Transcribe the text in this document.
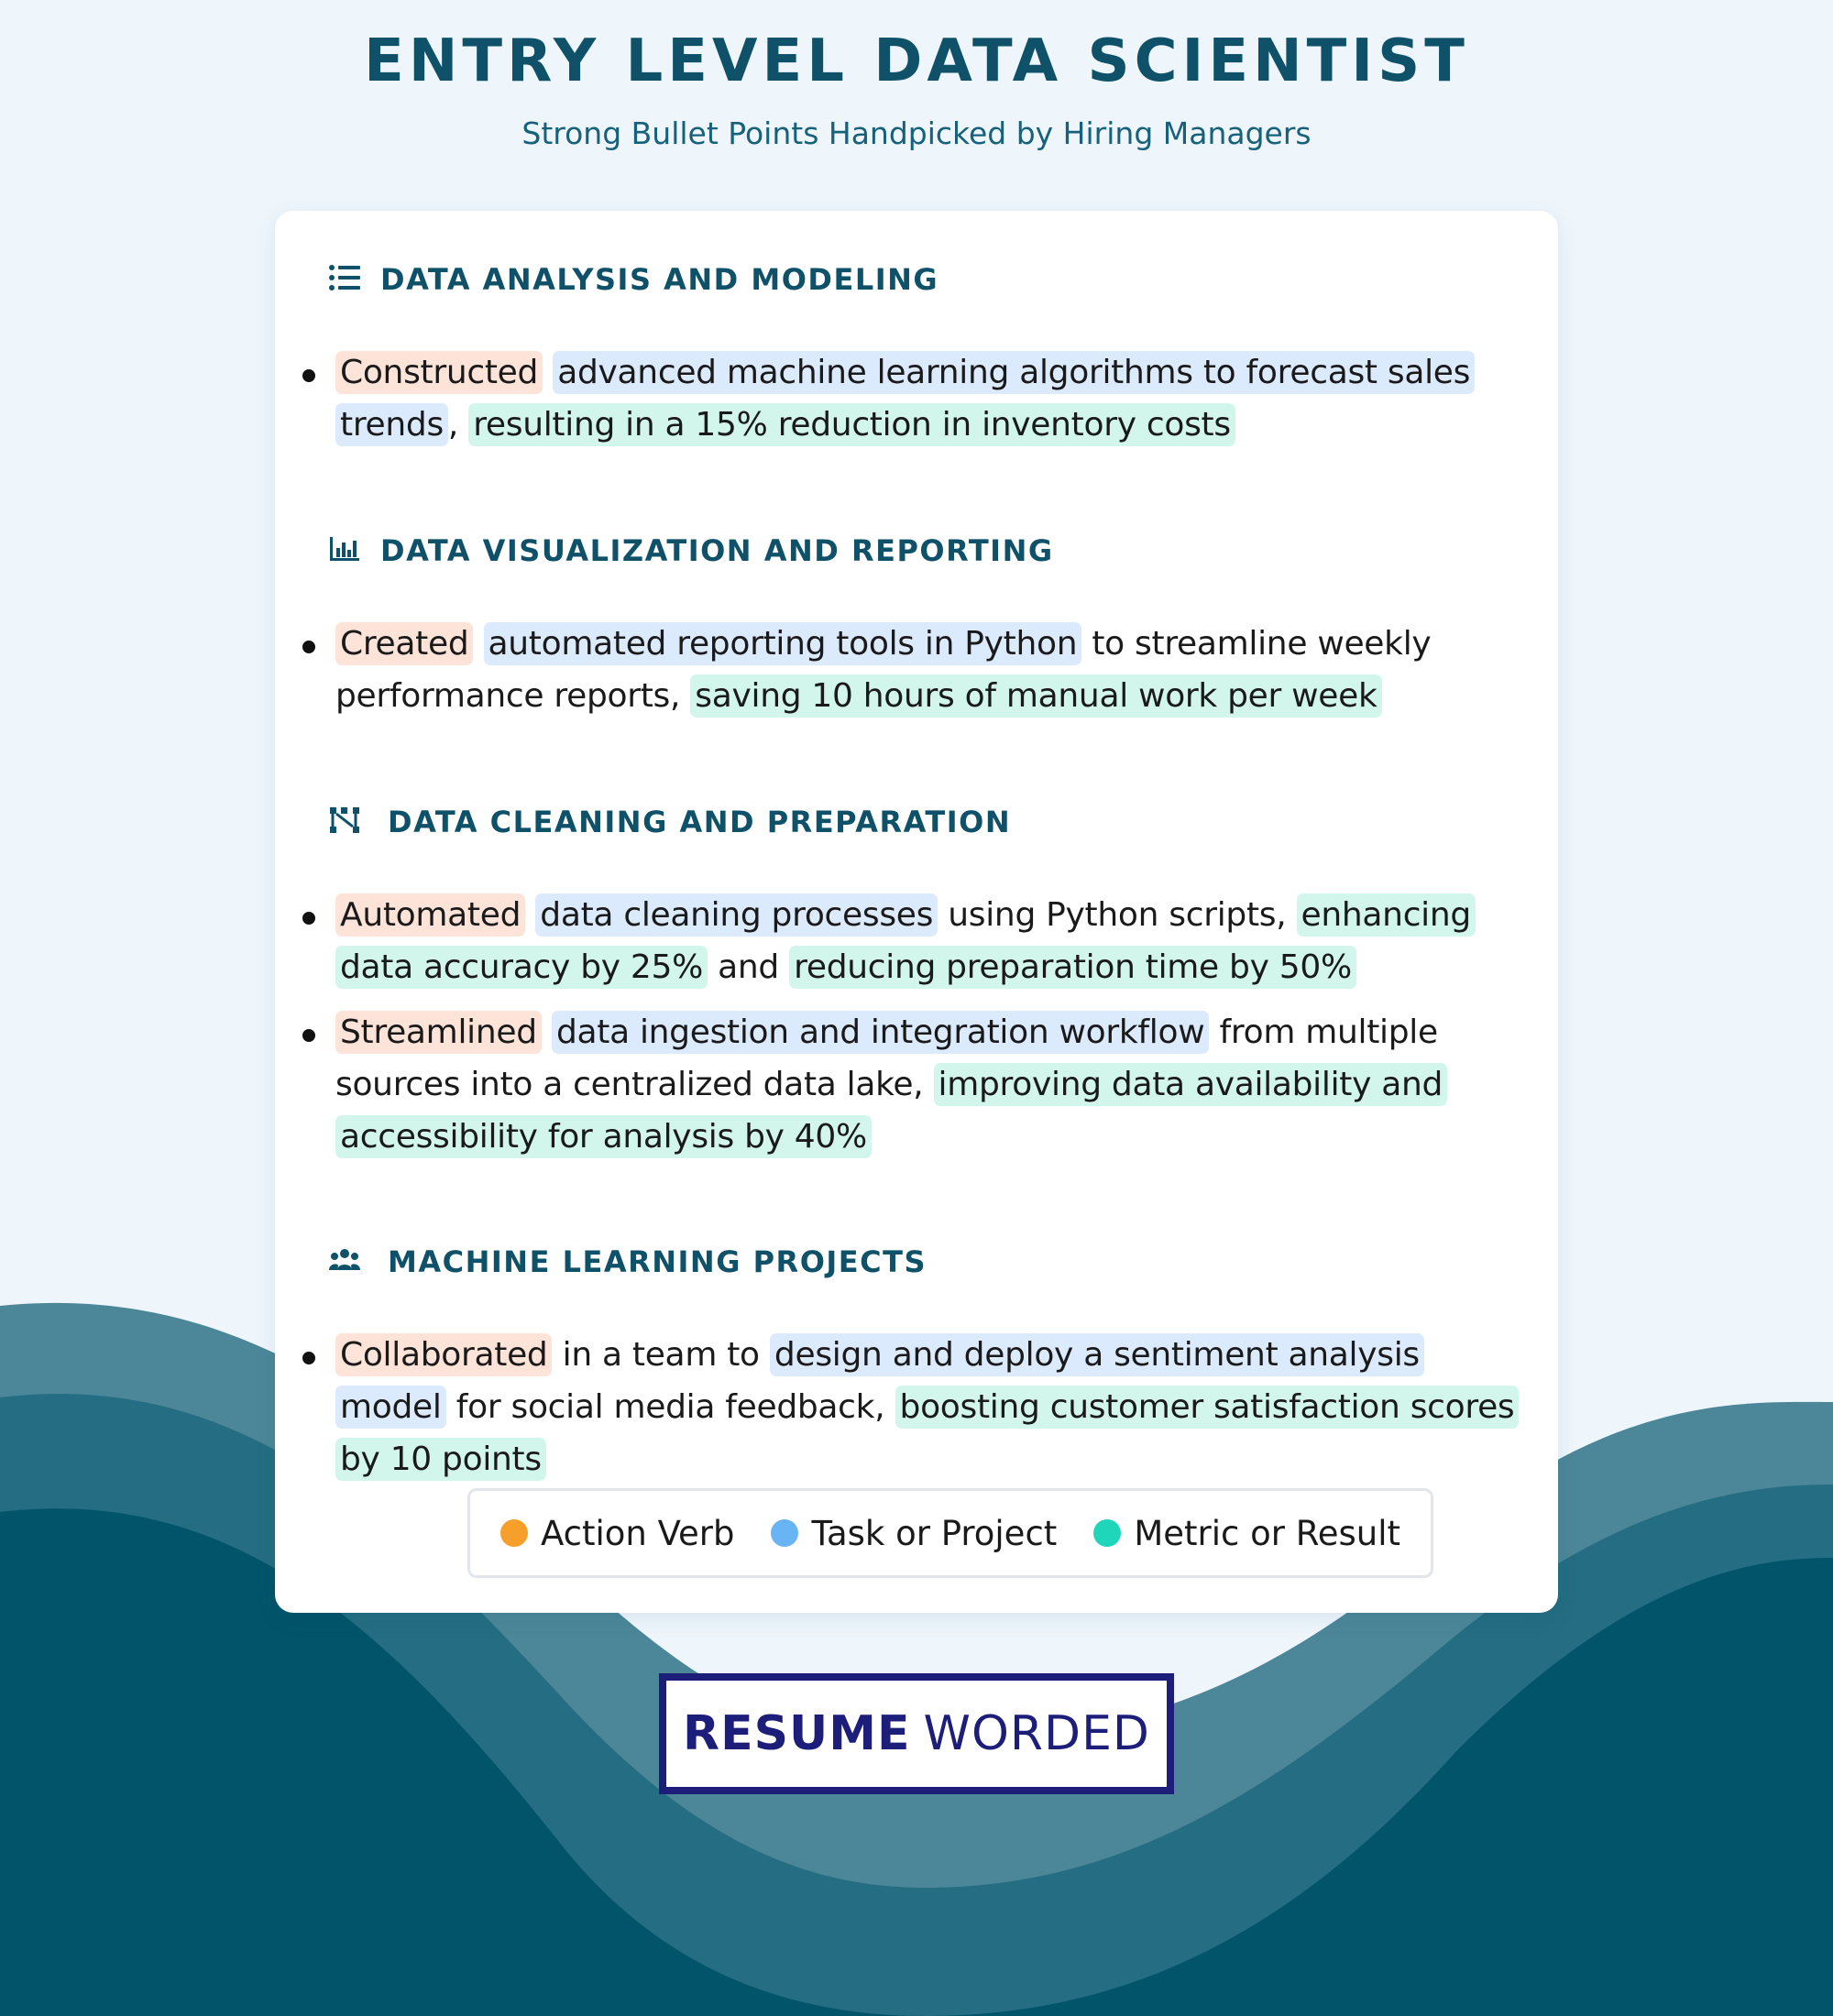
ENTRY LEVEL DATA SCIENTIST
Strong Bullet Points Handpicked by Hiring Managers
DATA ANALYSIS AND MODELING
Constructed advanced machine learning algorithms to forecast sales trends , resulting in a 15% reduction in inventory costs
DATA VISUALIZATION AND REPORTING
Created automated reporting tools in Python to streamline weekly performance reports, saving 10 hours of manual work per week
DATA CLEANING AND PREPARATION
Automated data cleaning processes using Python scripts, enhancing data accuracy by 25% and reducing preparation time by 50%
Streamlined data ingestion and integration workflow from multiple sources into a centralized data lake, improving data availability and accessibility for analysis by 40%
MACHINE LEARNING PROJECTS
Collaborated in a team to design and deploy a sentiment analysis model for social media feedback, boosting customer satisfaction scores by 10 points
Action Verb Task or Project Metric or Result
RESUME WORDED
